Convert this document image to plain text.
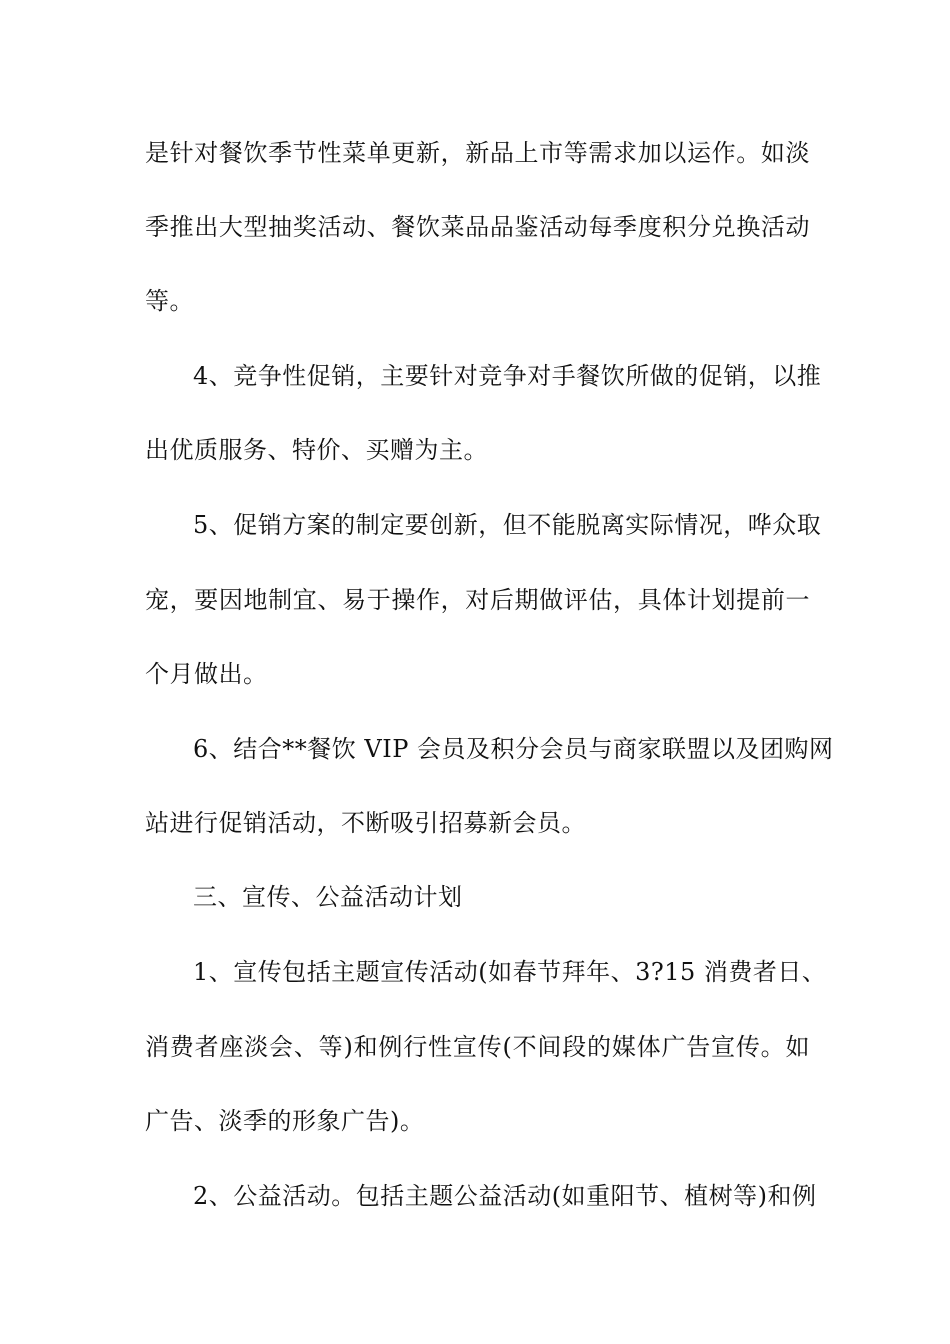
是针对餐饮季节性菜单更新，新品上市等需求加以运作。如淡
季推出大型抽奖活动、餐饮菜品品鉴活动每季度积分兑换活动
等。
4、竞争性促销，主要针对竞争对手餐饮所做的促销，以推
出优质服务、特价、买赠为主。
5、促销方案的制定要创新，但不能脱离实际情况，哗众取
宠，要因地制宜、易于操作，对后期做评估，具体计划提前一
个月做出。
6、结合**餐饮 VIP 会员及积分会员与商家联盟以及团购网
站进行促销活动，不断吸引招募新会员。
三、宣传、公益活动计划
1、宣传包括主题宣传活动(如春节拜年、3?15 消费者日、
消费者座淡会、等)和例行性宣传(不间段的媒体广告宣传。如
广告、淡季的形象广告)。
2、公益活动。包括主题公益活动(如重阳节、植树等)和例
